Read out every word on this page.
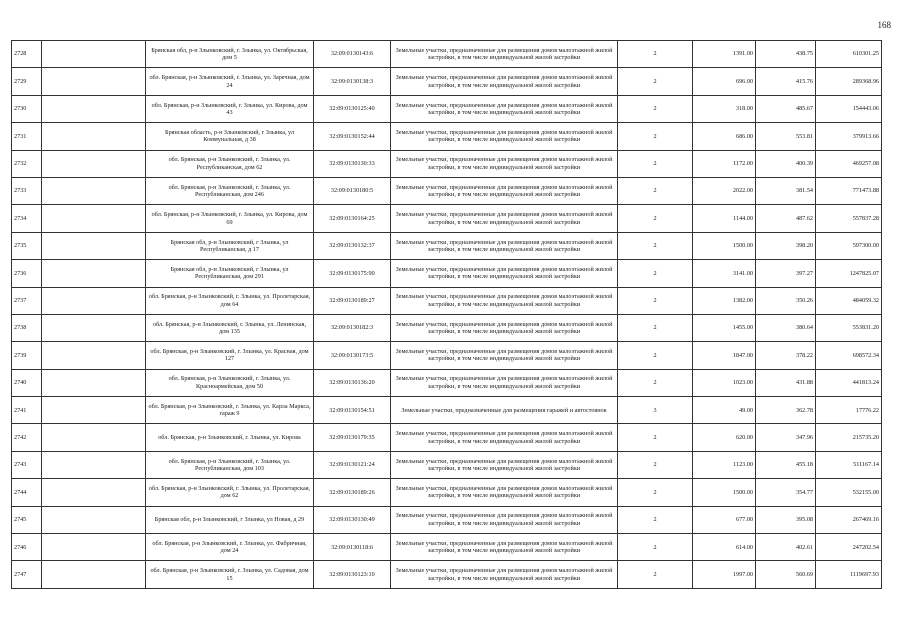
168
2728		Брянская обл, р-н Злынковский, г. Злынка, ул. Октябрьская, дом 5	32:09:0130143:6	Земельные участки, предназначенные для размещения домов малоэтажной жилой застройки, в том числе индивидуальной жилой застройки	2	1391.00	438.75	610301.25
2729		обл. Брянская, р-н Злынковский, г. Злынка, ул. Заречная, дом 24	32:09:0130138:3	Земельные участки, предназначенные для размещения домов малоэтажной жилой застройки, в том числе индивидуальной жилой застройки	2	696.00	415.76	289368.96
2730		обл. Брянская, р-н Злынковский, г. Злынка, ул. Кирова, дом 43	32:09:0130125:40	Земельные участки, предназначенные для размещения домов малоэтажной жилой застройки, в том числе индивидуальной жилой застройки	2	318.00	485.67	154443.06
2731		Брянская область, р-н Злынковский, г Злынка, ул Коммунальная, д 38	32:09:0130152:44	Земельные участки, предназначенные для размещения домов малоэтажной жилой застройки, в том числе индивидуальной жилой застройки	2	686.00	553.81	379913.66
2732		обл. Брянская, р-н Злынковский, г. Злынка, ул. Республиканская, дом 62	32:09:0130130:33	Земельные участки, предназначенные для размещения домов малоэтажной жилой застройки, в том числе индивидуальной жилой застройки	2	1172.00	400.39	469257.08
2733		обл. Брянская, р-н Злынковский, г. Злынка, ул. Республиканская, дом 246	32:09:0130180:5	Земельные участки, предназначенные для размещения домов малоэтажной жилой застройки, в том числе индивидуальной жилой застройки	2	2022.00	381.54	771473.88
2734		обл. Брянская, р-н Злынковский, г. Злынка, ул. Кирова, дом 69	32:09:0130164:25	Земельные участки, предназначенные для размещения домов малоэтажной жилой застройки, в том числе индивидуальной жилой застройки	2	1144.00	487.62	557837.28
2735		Брянская обл, р-н Злынковский, г Злынка, ул Республиканская, д 17	32:09:0130132:37	Земельные участки, предназначенные для размещения домов малоэтажной жилой застройки, в том числе индивидуальной жилой застройки	2	1500.00	398.20	597300.00
2736		Брянская обл, р-н Злынковский, г Злынка, ул Республиканская, дом 291	32:09:0130175:90	Земельные участки, предназначенные для размещения домов малоэтажной жилой застройки, в том числе индивидуальной жилой застройки	2	3141.00	397.27	1247825.07
2737		обл. Брянская, р-н Злынковский, г. Злынка, ул. Пролетарская, дом 64	32:09:0130189:27	Земельные участки, предназначенные для размещения домов малоэтажной жилой застройки, в том числе индивидуальной жилой застройки	2	1382.00	350.26	484059.32
2738		обл. Брянская, р-н Злынковский, г. Злынка, ул. Ленинская, дом 135	32:09:0130182:3	Земельные участки, предназначенные для размещения домов малоэтажной жилой застройки, в том числе индивидуальной жилой застройки	2	1455.00	380.64	553831.20
2739		обл. Брянская, р-н Злынковский, г. Злынка, ул. Красная, дом 127	32:09:0130173:5	Земельные участки, предназначенные для размещения домов малоэтажной жилой застройки, в том числе индивидуальной жилой застройки	2	1847.00	378.22	698572.34
2740		обл. Брянская, р-н Злынковский, г. Злынка, ул. Красноармейская, дом 50	32:09:0130136:20	Земельные участки, предназначенные для размещения домов малоэтажной жилой застройки, в том числе индивидуальной жилой застройки	2	1023.00	431.88	441813.24
2741		обл. Брянская, р-н Злынковский, г. Злынка, ул. Карла Маркса, гараж 9	32:09:0130154:51	Земельные участки, предназначенные для размещения гаражей и автостоянок	3	49.00	362.78	17776.22
2742		обл. Брянская, р-н Злынковский, г. Злынка, ул. Кирова	32:09:0130179:35	Земельные участки, предназначенные для размещения домов малоэтажной жилой застройки, в том числе индивидуальной жилой застройки	2	620.00	347.96	215735.20
2743		обл. Брянская, р-н Злынковский, г. Злынка, ул. Республиканская, дом 103	32:09:0130121:24	Земельные участки, предназначенные для размещения домов малоэтажной жилой застройки, в том числе индивидуальной жилой застройки	2	1123.00	455.18	511167.14
2744		обл. Брянская, р-н Злынковский, г. Злынка, ул. Пролетарская, дом 62	32:09:0130189:26	Земельные участки, предназначенные для размещения домов малоэтажной жилой застройки, в том числе индивидуальной жилой застройки	2	1500.00	354.77	532155.00
2745		Брянская обл, р-н Злынковский, г Злынка, ул Новая, д 29	32:09:0130130:49	Земельные участки, предназначенные для размещения домов малоэтажной жилой застройки, в том числе индивидуальной жилой застройки	2	677.00	395.08	267469.16
2746		обл. Брянская, р-н Злынковский, г. Злынка, ул. Фабричная, дом 24	32:09:0130118:6	Земельные участки, предназначенные для размещения домов малоэтажной жилой застройки, в том числе индивидуальной жилой застройки	2	614.00	402.61	247202.54
2747		обл. Брянская, р-н Злынковский, г. Злынка, ул. Садовая, дом 15	32:09:0130123:10	Земельные участки, предназначенные для размещения домов малоэтажной жилой застройки, в том числе индивидуальной жилой застройки	2	1997.00	560.69	1119697.93
